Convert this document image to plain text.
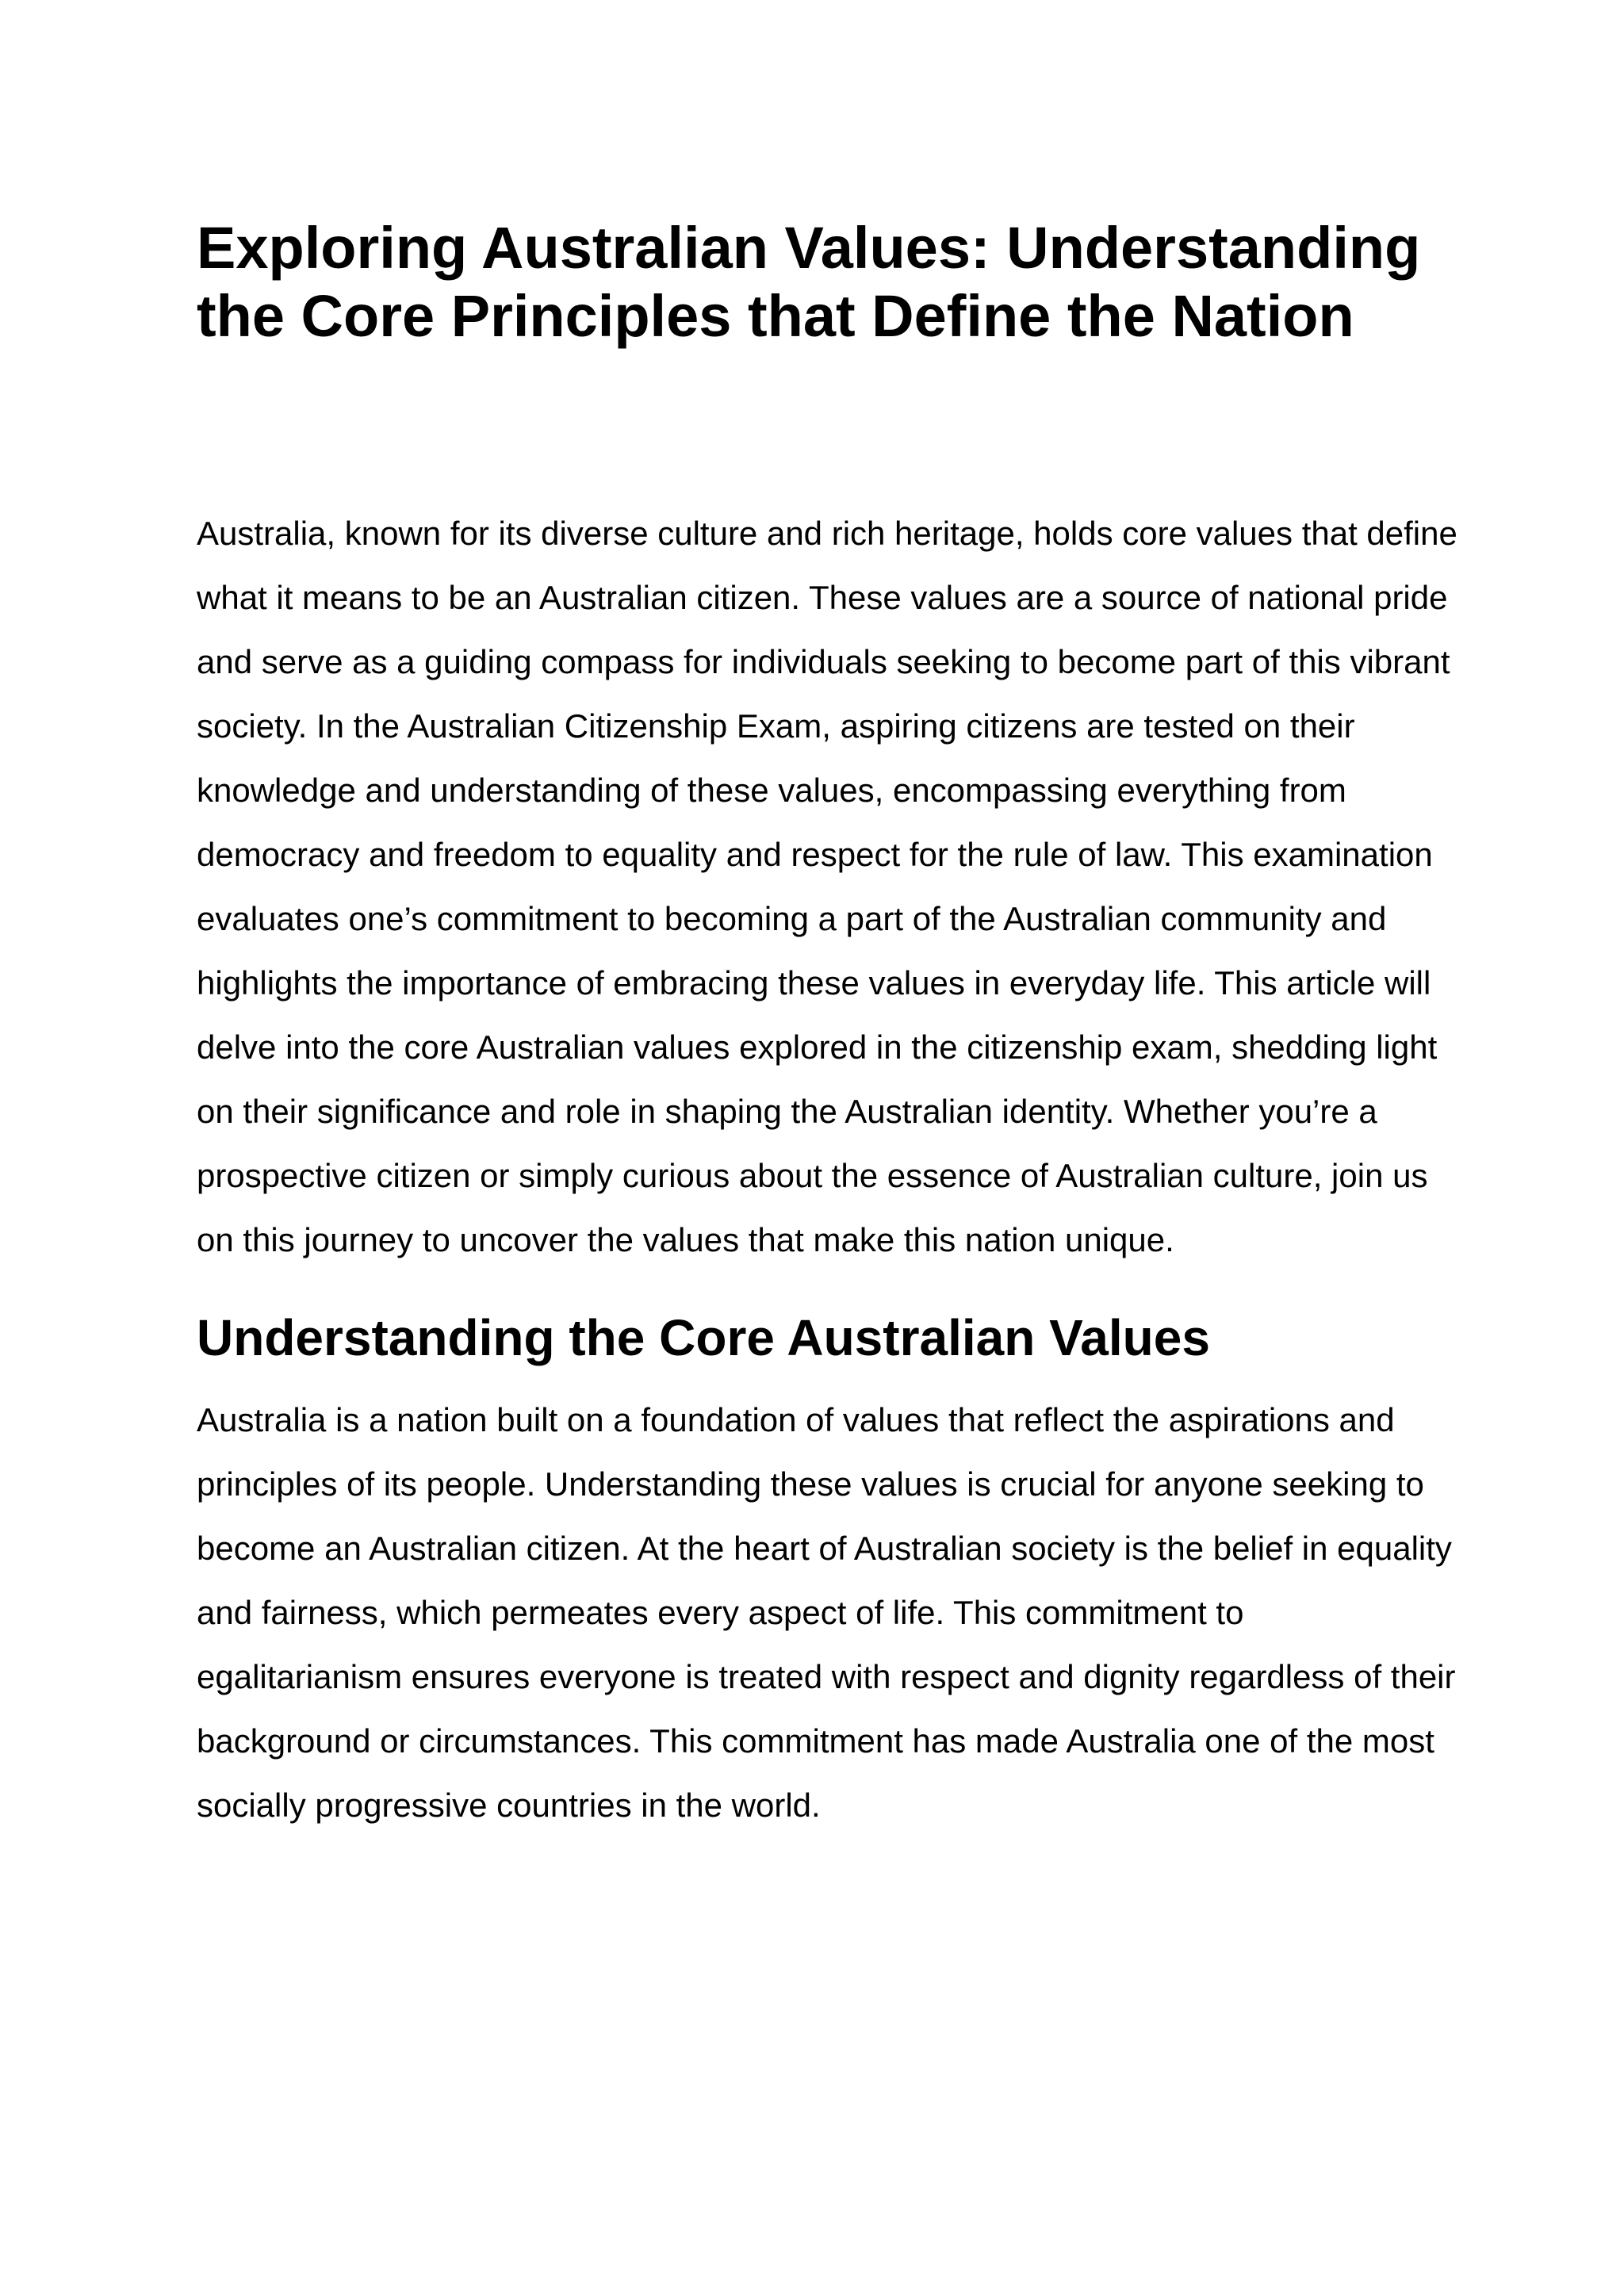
Exploring Australian Values: Understanding the Core Principles that Define the Nation

Australia, known for its diverse culture and rich heritage, holds core values that define what it means to be an Australian citizen. These values are a source of national pride and serve as a guiding compass for individuals seeking to become part of this vibrant society. In the Australian Citizenship Exam, aspiring citizens are tested on their knowledge and understanding of these values, encompassing everything from democracy and freedom to equality and respect for the rule of law. This examination evaluates one’s commitment to becoming a part of the Australian community and highlights the importance of embracing these values in everyday life. This article will delve into the core Australian values explored in the citizenship exam, shedding light on their significance and role in shaping the Australian identity. Whether you’re a prospective citizen or simply curious about the essence of Australian culture, join us on this journey to uncover the values that make this nation unique.

Understanding the Core Australian Values

Australia is a nation built on a foundation of values that reflect the aspirations and principles of its people. Understanding these values is crucial for anyone seeking to become an Australian citizen. At the heart of Australian society is the belief in equality and fairness, which permeates every aspect of life. This commitment to egalitarianism ensures everyone is treated with respect and dignity regardless of their background or circumstances. This commitment has made Australia one of the most socially progressive countries in the world.
